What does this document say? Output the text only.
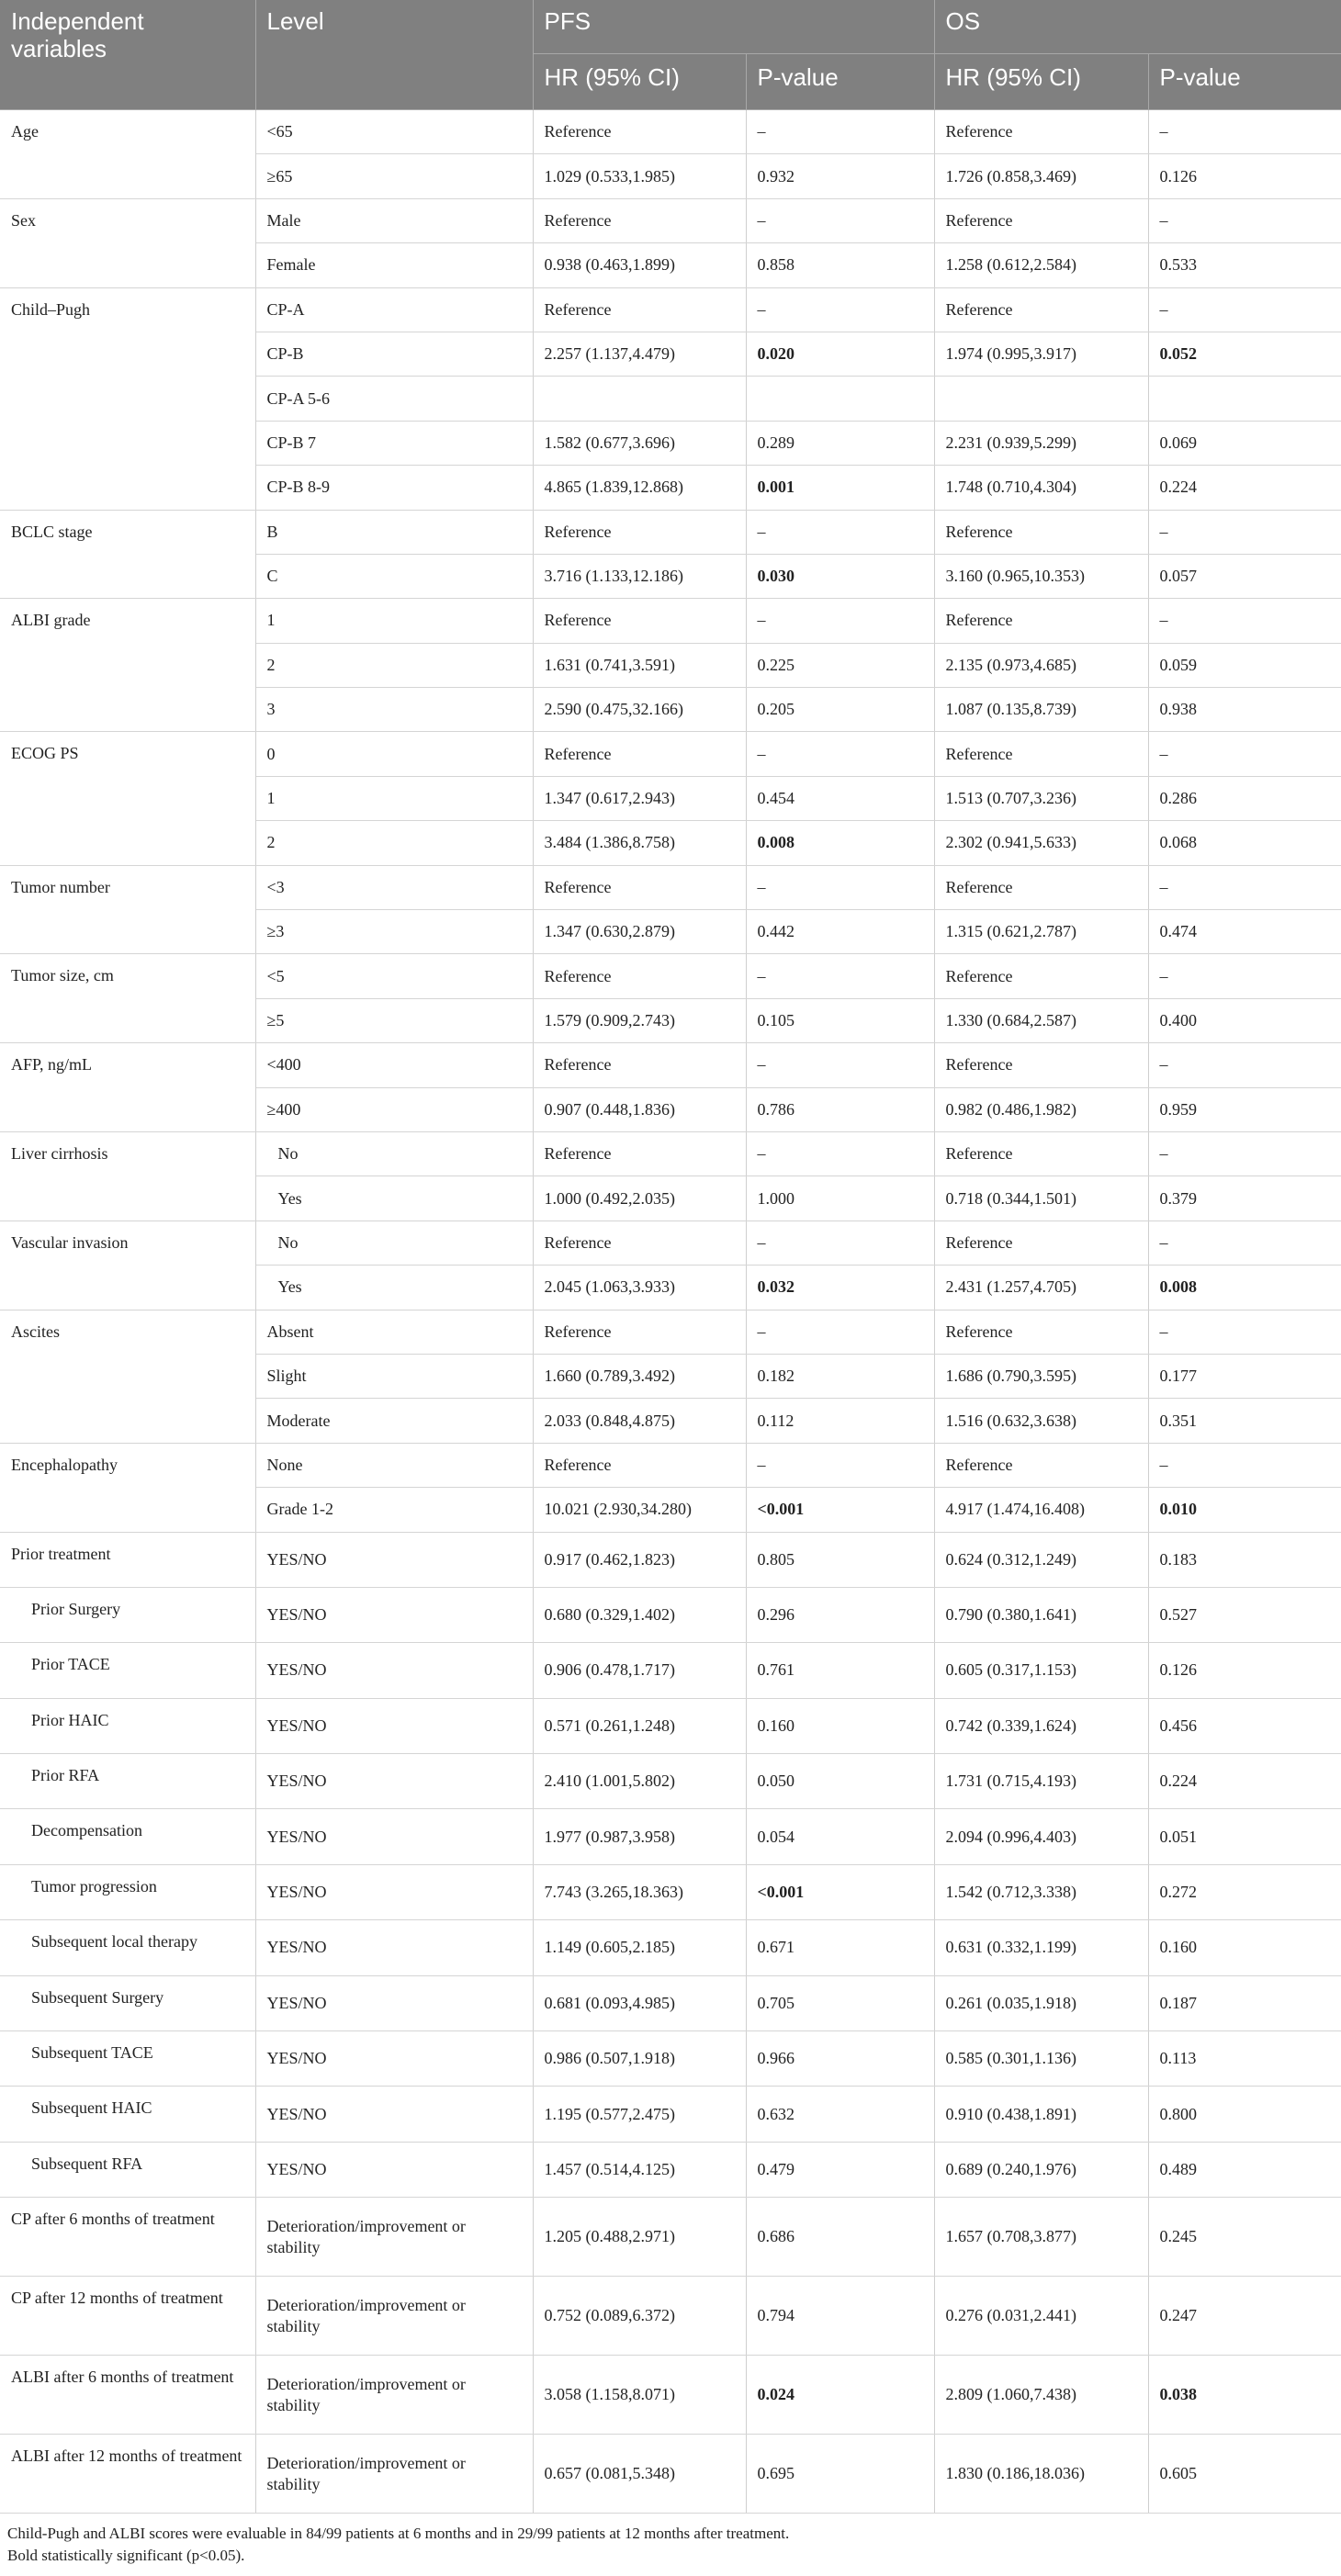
Independent variables	Level	PFS		OS	
		HR (95% CI)	P-value	HR (95% CI)	P-value
Age	<65	Reference	–	Reference	–
	≥65	1.029 (0.533,1.985)	0.932	1.726 (0.858,3.469)	0.126
Sex	Male	Reference	–	Reference	–
	Female	0.938 (0.463,1.899)	0.858	1.258 (0.612,2.584)	0.533
Child–Pugh	CP-A	Reference	–	Reference	–
	CP-B	2.257 (1.137,4.479)	0.020	1.974 (0.995,3.917)	0.052
	CP-A 5-6				
	CP-B 7	1.582 (0.677,3.696)	0.289	2.231 (0.939,5.299)	0.069
	CP-B 8-9	4.865 (1.839,12.868)	0.001	1.748 (0.710,4.304)	0.224
BCLC stage	B	Reference	–	Reference	–
	C	3.716 (1.133,12.186)	0.030	3.160 (0.965,10.353)	0.057
ALBI grade	1	Reference	–	Reference	–
	2	1.631 (0.741,3.591)	0.225	2.135 (0.973,4.685)	0.059
	3	2.590 (0.475,32.166)	0.205	1.087 (0.135,8.739)	0.938
ECOG PS	0	Reference	–	Reference	–
	1	1.347 (0.617,2.943)	0.454	1.513 (0.707,3.236)	0.286
	2	3.484 (1.386,8.758)	0.008	2.302 (0.941,5.633)	0.068
Tumor number	<3	Reference	–	Reference	–
	≥3	1.347 (0.630,2.879)	0.442	1.315 (0.621,2.787)	0.474
Tumor size, cm	<5	Reference	–	Reference	–
	≥5	1.579 (0.909,2.743)	0.105	1.330 (0.684,2.587)	0.400
AFP, ng/mL	<400	Reference	–	Reference	–
	≥400	0.907 (0.448,1.836)	0.786	0.982 (0.486,1.982)	0.959
Liver cirrhosis	No	Reference	–	Reference	–
	Yes	1.000 (0.492,2.035)	1.000	0.718 (0.344,1.501)	0.379
Vascular invasion	No	Reference	–	Reference	–
	Yes	2.045 (1.063,3.933)	0.032	2.431 (1.257,4.705)	0.008
Ascites	Absent	Reference	–	Reference	–
	Slight	1.660 (0.789,3.492)	0.182	1.686 (0.790,3.595)	0.177
	Moderate	2.033 (0.848,4.875)	0.112	1.516 (0.632,3.638)	0.351
Encephalopathy	None	Reference	–	Reference	–
	Grade 1-2	10.021 (2.930,34.280)	<0.001	4.917 (1.474,16.408)	0.010
Prior treatment	YES/NO	0.917 (0.462,1.823)	0.805	0.624 (0.312,1.249)	0.183
Prior Surgery	YES/NO	0.680 (0.329,1.402)	0.296	0.790 (0.380,1.641)	0.527
Prior TACE	YES/NO	0.906 (0.478,1.717)	0.761	0.605 (0.317,1.153)	0.126
Prior HAIC	YES/NO	0.571 (0.261,1.248)	0.160	0.742 (0.339,1.624)	0.456
Prior RFA	YES/NO	2.410 (1.001,5.802)	0.050	1.731 (0.715,4.193)	0.224
Decompensation	YES/NO	1.977 (0.987,3.958)	0.054	2.094 (0.996,4.403)	0.051
Tumor progression	YES/NO	7.743 (3.265,18.363)	<0.001	1.542 (0.712,3.338)	0.272
Subsequent local therapy	YES/NO	1.149 (0.605,2.185)	0.671	0.631 (0.332,1.199)	0.160
Subsequent Surgery	YES/NO	0.681 (0.093,4.985)	0.705	0.261 (0.035,1.918)	0.187
Subsequent TACE	YES/NO	0.986 (0.507,1.918)	0.966	0.585 (0.301,1.136)	0.113
Subsequent HAIC	YES/NO	1.195 (0.577,2.475)	0.632	0.910 (0.438,1.891)	0.800
Subsequent RFA	YES/NO	1.457 (0.514,4.125)	0.479	0.689 (0.240,1.976)	0.489
CP after 6 months of treatment	Deterioration/improvement or stability	1.205 (0.488,2.971)	0.686	1.657 (0.708,3.877)	0.245
CP after 12 months of treatment	Deterioration/improvement or stability	0.752 (0.089,6.372)	0.794	0.276 (0.031,2.441)	0.247
ALBI after 6 months of treatment	Deterioration/improvement or stability	3.058 (1.158,8.071)	0.024	2.809 (1.060,7.438)	0.038
ALBI after 12 months of treatment	Deterioration/improvement or stability	0.657 (0.081,5.348)	0.695	1.830 (0.186,18.036)	0.605
Child-Pugh and ALBI scores were evaluable in 84/99 patients at 6 months and in 29/99 patients at 12 months after treatment.
Bold statistically significant (p<0.05).
